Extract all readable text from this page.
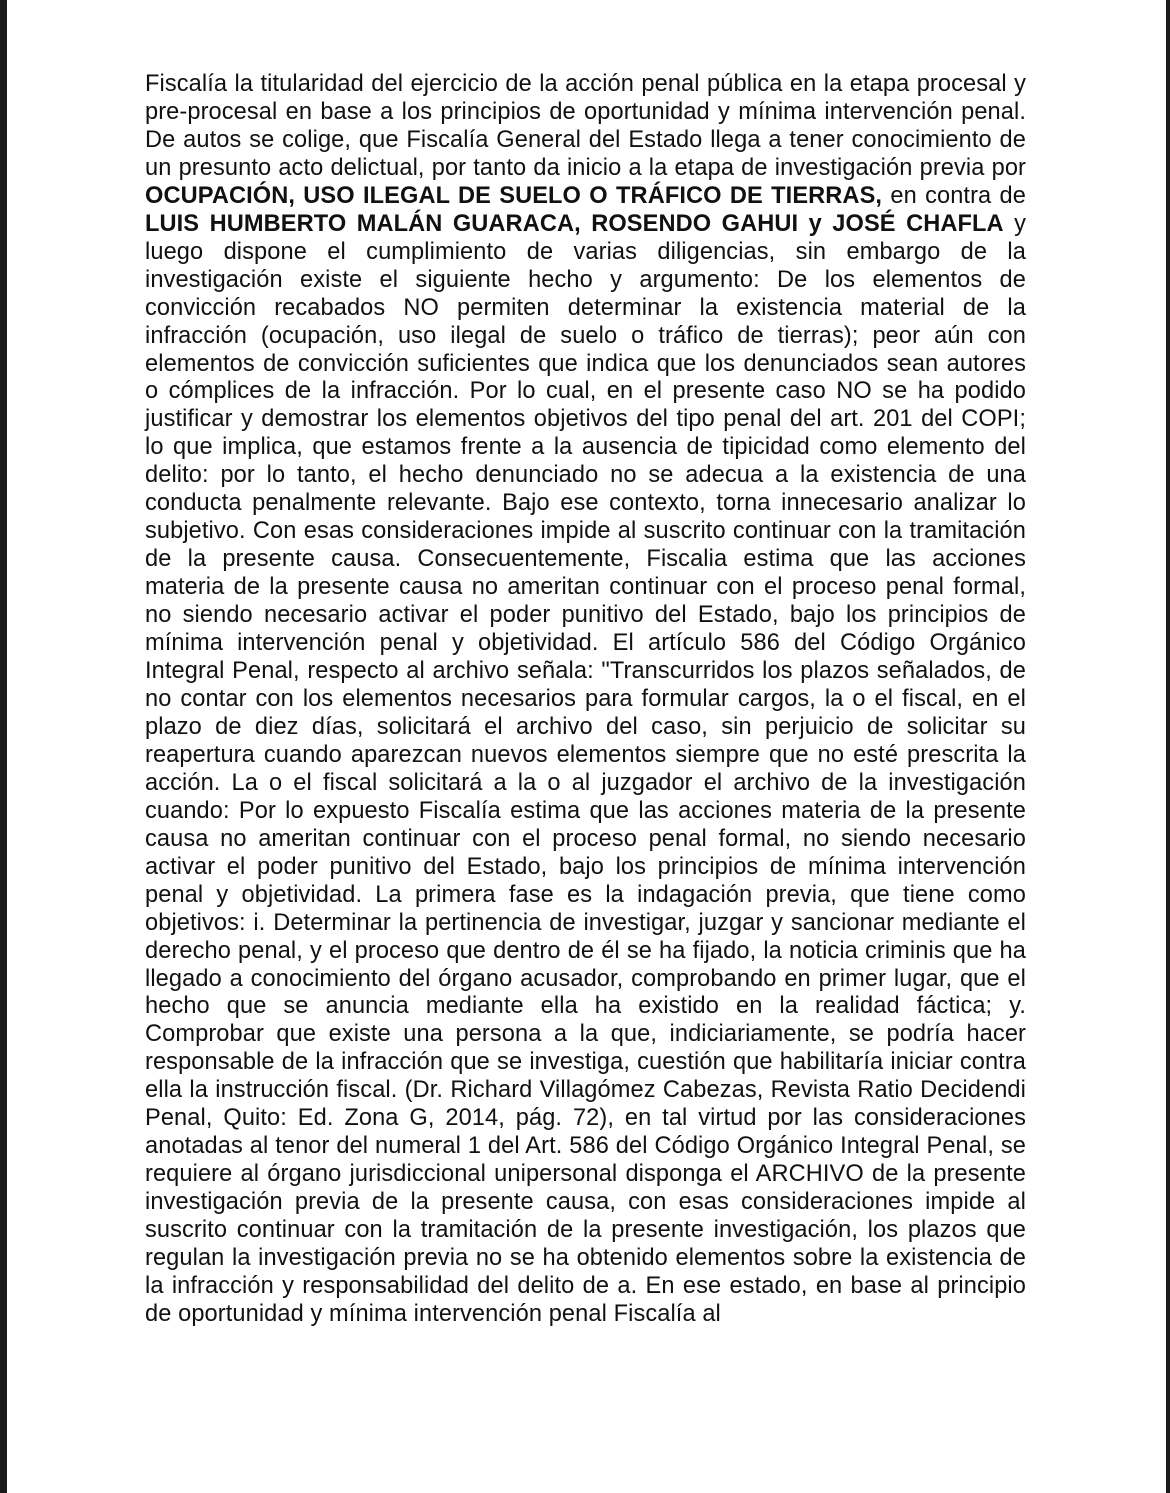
Fiscalía la titularidad del ejercicio de la acción penal pública en la etapa procesal y pre-procesal en base a los principios de oportunidad y mínima intervención penal. De autos se colige, que Fiscalía General del Estado llega a tener conocimiento de un presunto acto delictual, por tanto da inicio a la etapa de investigación previa por OCUPACIÓN, USO ILEGAL DE SUELO O TRÁFICO DE TIERRAS, en contra de LUIS HUMBERTO MALÁN GUARACA, ROSENDO GAHUI y JOSÉ CHAFLA y luego dispone el cumplimiento de varias diligencias, sin embargo de la investigación existe el siguiente hecho y argumento: De los elementos de convicción recabados NO permiten determinar la existencia material de la infracción (ocupación, uso ilegal de suelo o tráfico de tierras); peor aún con elementos de convicción suficientes que indica que los denunciados sean autores o cómplices de la infracción. Por lo cual, en el presente caso NO se ha podido justificar y demostrar los elementos objetivos del tipo penal del art. 201 del COPI; lo que implica, que estamos frente a la ausencia de tipicidad como elemento del delito: por lo tanto, el hecho denunciado no se adecua a la existencia de una conducta penalmente relevante. Bajo ese contexto, torna innecesario analizar lo subjetivo. Con esas consideraciones impide al suscrito continuar con la tramitación de la presente causa. Consecuentemente, Fiscalia estima que las acciones materia de la presente causa no ameritan continuar con el proceso penal formal, no siendo necesario activar el poder punitivo del Estado, bajo los principios de mínima intervención penal y objetividad. El artículo 586 del Código Orgánico Integral Penal, respecto al archivo señala: "Transcurridos los plazos señalados, de no contar con los elementos necesarios para formular cargos, la o el fiscal, en el plazo de diez días, solicitará el archivo del caso, sin perjuicio de solicitar su reapertura cuando aparezcan nuevos elementos siempre que no esté prescrita la acción. La o el fiscal solicitará a la o al juzgador el archivo de la investigación cuando: Por lo expuesto Fiscalía estima que las acciones materia de la presente causa no ameritan continuar con el proceso penal formal, no siendo necesario activar el poder punitivo del Estado, bajo los principios de mínima intervención penal y objetividad. La primera fase es la indagación previa, que tiene como objetivos: i. Determinar la pertinencia de investigar, juzgar y sancionar mediante el derecho penal, y el proceso que dentro de él se ha fijado, la noticia criminis que ha llegado a conocimiento del órgano acusador, comprobando en primer lugar, que el hecho que se anuncia mediante ella ha existido en la realidad fáctica; y. Comprobar que existe una persona a la que, indiciariamente, se podría hacer responsable de la infracción que se investiga, cuestión que habilitaría iniciar contra ella la instrucción fiscal. (Dr. Richard Villagómez Cabezas, Revista Ratio Decidendi Penal, Quito: Ed. Zona G, 2014, pág. 72), en tal virtud por las consideraciones anotadas al tenor del numeral 1 del Art. 586 del Código Orgánico Integral Penal, se requiere al órgano jurisdiccional unipersonal disponga el ARCHIVO de la presente investigación previa de la presente causa, con esas consideraciones impide al suscrito continuar con la tramitación de la presente investigación, los plazos que regulan la investigación previa no se ha obtenido elementos sobre la existencia de la infracción y responsabilidad del delito de a. En ese estado, en base al principio de oportunidad y mínima intervención penal Fiscalía al
